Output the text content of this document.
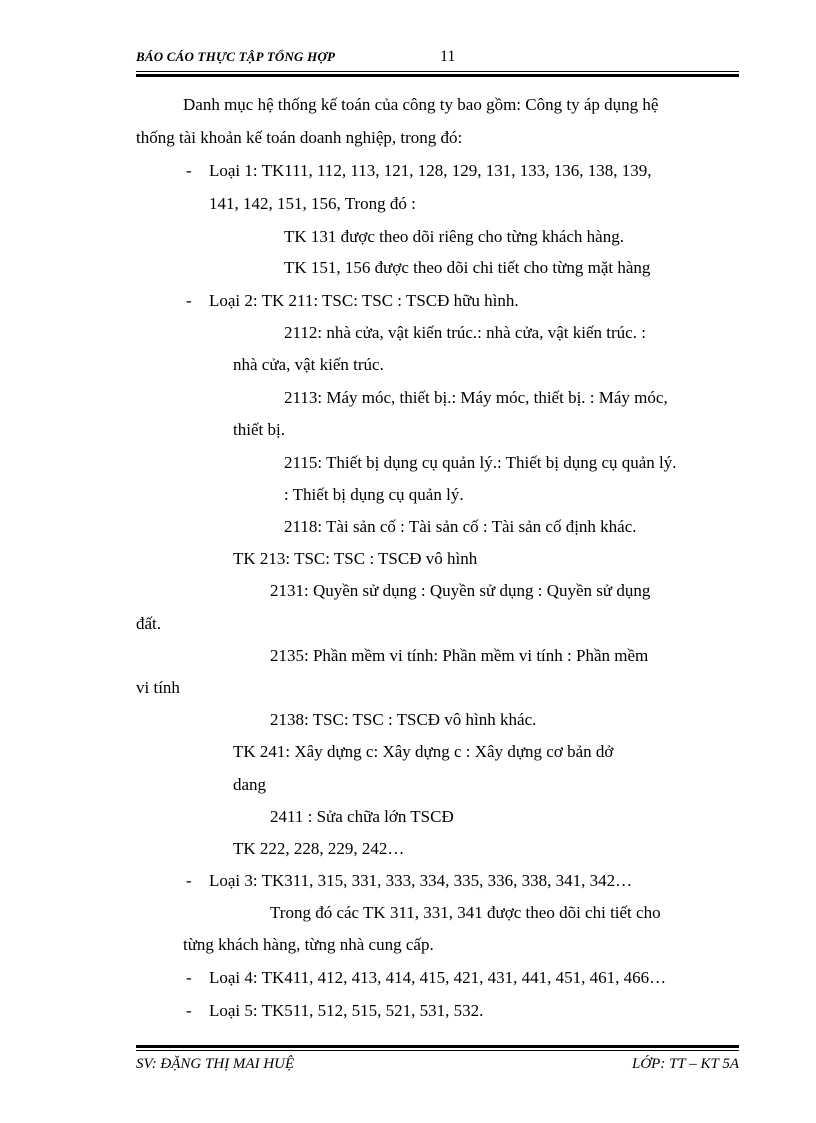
BÁO CÁO THỰC TẬP TỔNG HỢP	11
Danh mục hệ thống kế toán của công ty bao gồm: Công ty áp dụng hệ
thống tài khoản kế toán doanh nghiệp, trong đó:
- Loại 1: TK111, 112, 113, 121, 128, 129, 131, 133, 136, 138, 139,
141, 142, 151, 156, Trong đó :
TK 131 được theo dõi riêng cho từng khách hàng.
TK 151, 156 được theo dõi chi tiết cho từng mặt hàng
- Loại 2: TK 211: TSC: TSC : TSCĐ hữu hình.
2112: nhà cửa, vật kiến trúc.: nhà cửa, vật kiến trúc. :
nhà cửa, vật kiến trúc.
2113: Máy móc, thiết bị.: Máy móc, thiết bị. : Máy móc,
thiết bị.
2115: Thiết bị dụng cụ quản lý.: Thiết bị dụng cụ quản lý.
: Thiết bị dụng cụ quản lý.
2118: Tài sản cố : Tài sản cố : Tài sản cố định khác.
TK 213: TSC: TSC : TSCĐ vô hình
2131: Quyền sử dụng : Quyền sử dụng : Quyền sử dụng
đất.
2135: Phần mềm vi tính: Phần mềm vi tính : Phần mềm
vi tính
2138: TSC: TSC : TSCĐ vô hình khác.
TK 241: Xây dựng c: Xây dựng c : Xây dựng cơ bản dở
dang
2411 : Sửa chữa lớn TSCĐ
TK 222, 228, 229, 242…
- Loại 3: TK311, 315, 331, 333, 334, 335, 336, 338, 341, 342…
Trong đó các TK 311, 331, 341 được theo dõi chi tiết cho
từng khách hàng, từng nhà cung cấp.
- Loại 4: TK411, 412, 413, 414, 415, 421, 431, 441, 451, 461, 466…
- Loại 5: TK511, 512, 515, 521, 531, 532.
SV: ĐẶNG THỊ MAI HUỆ	LỚP: TT – KT 5A
